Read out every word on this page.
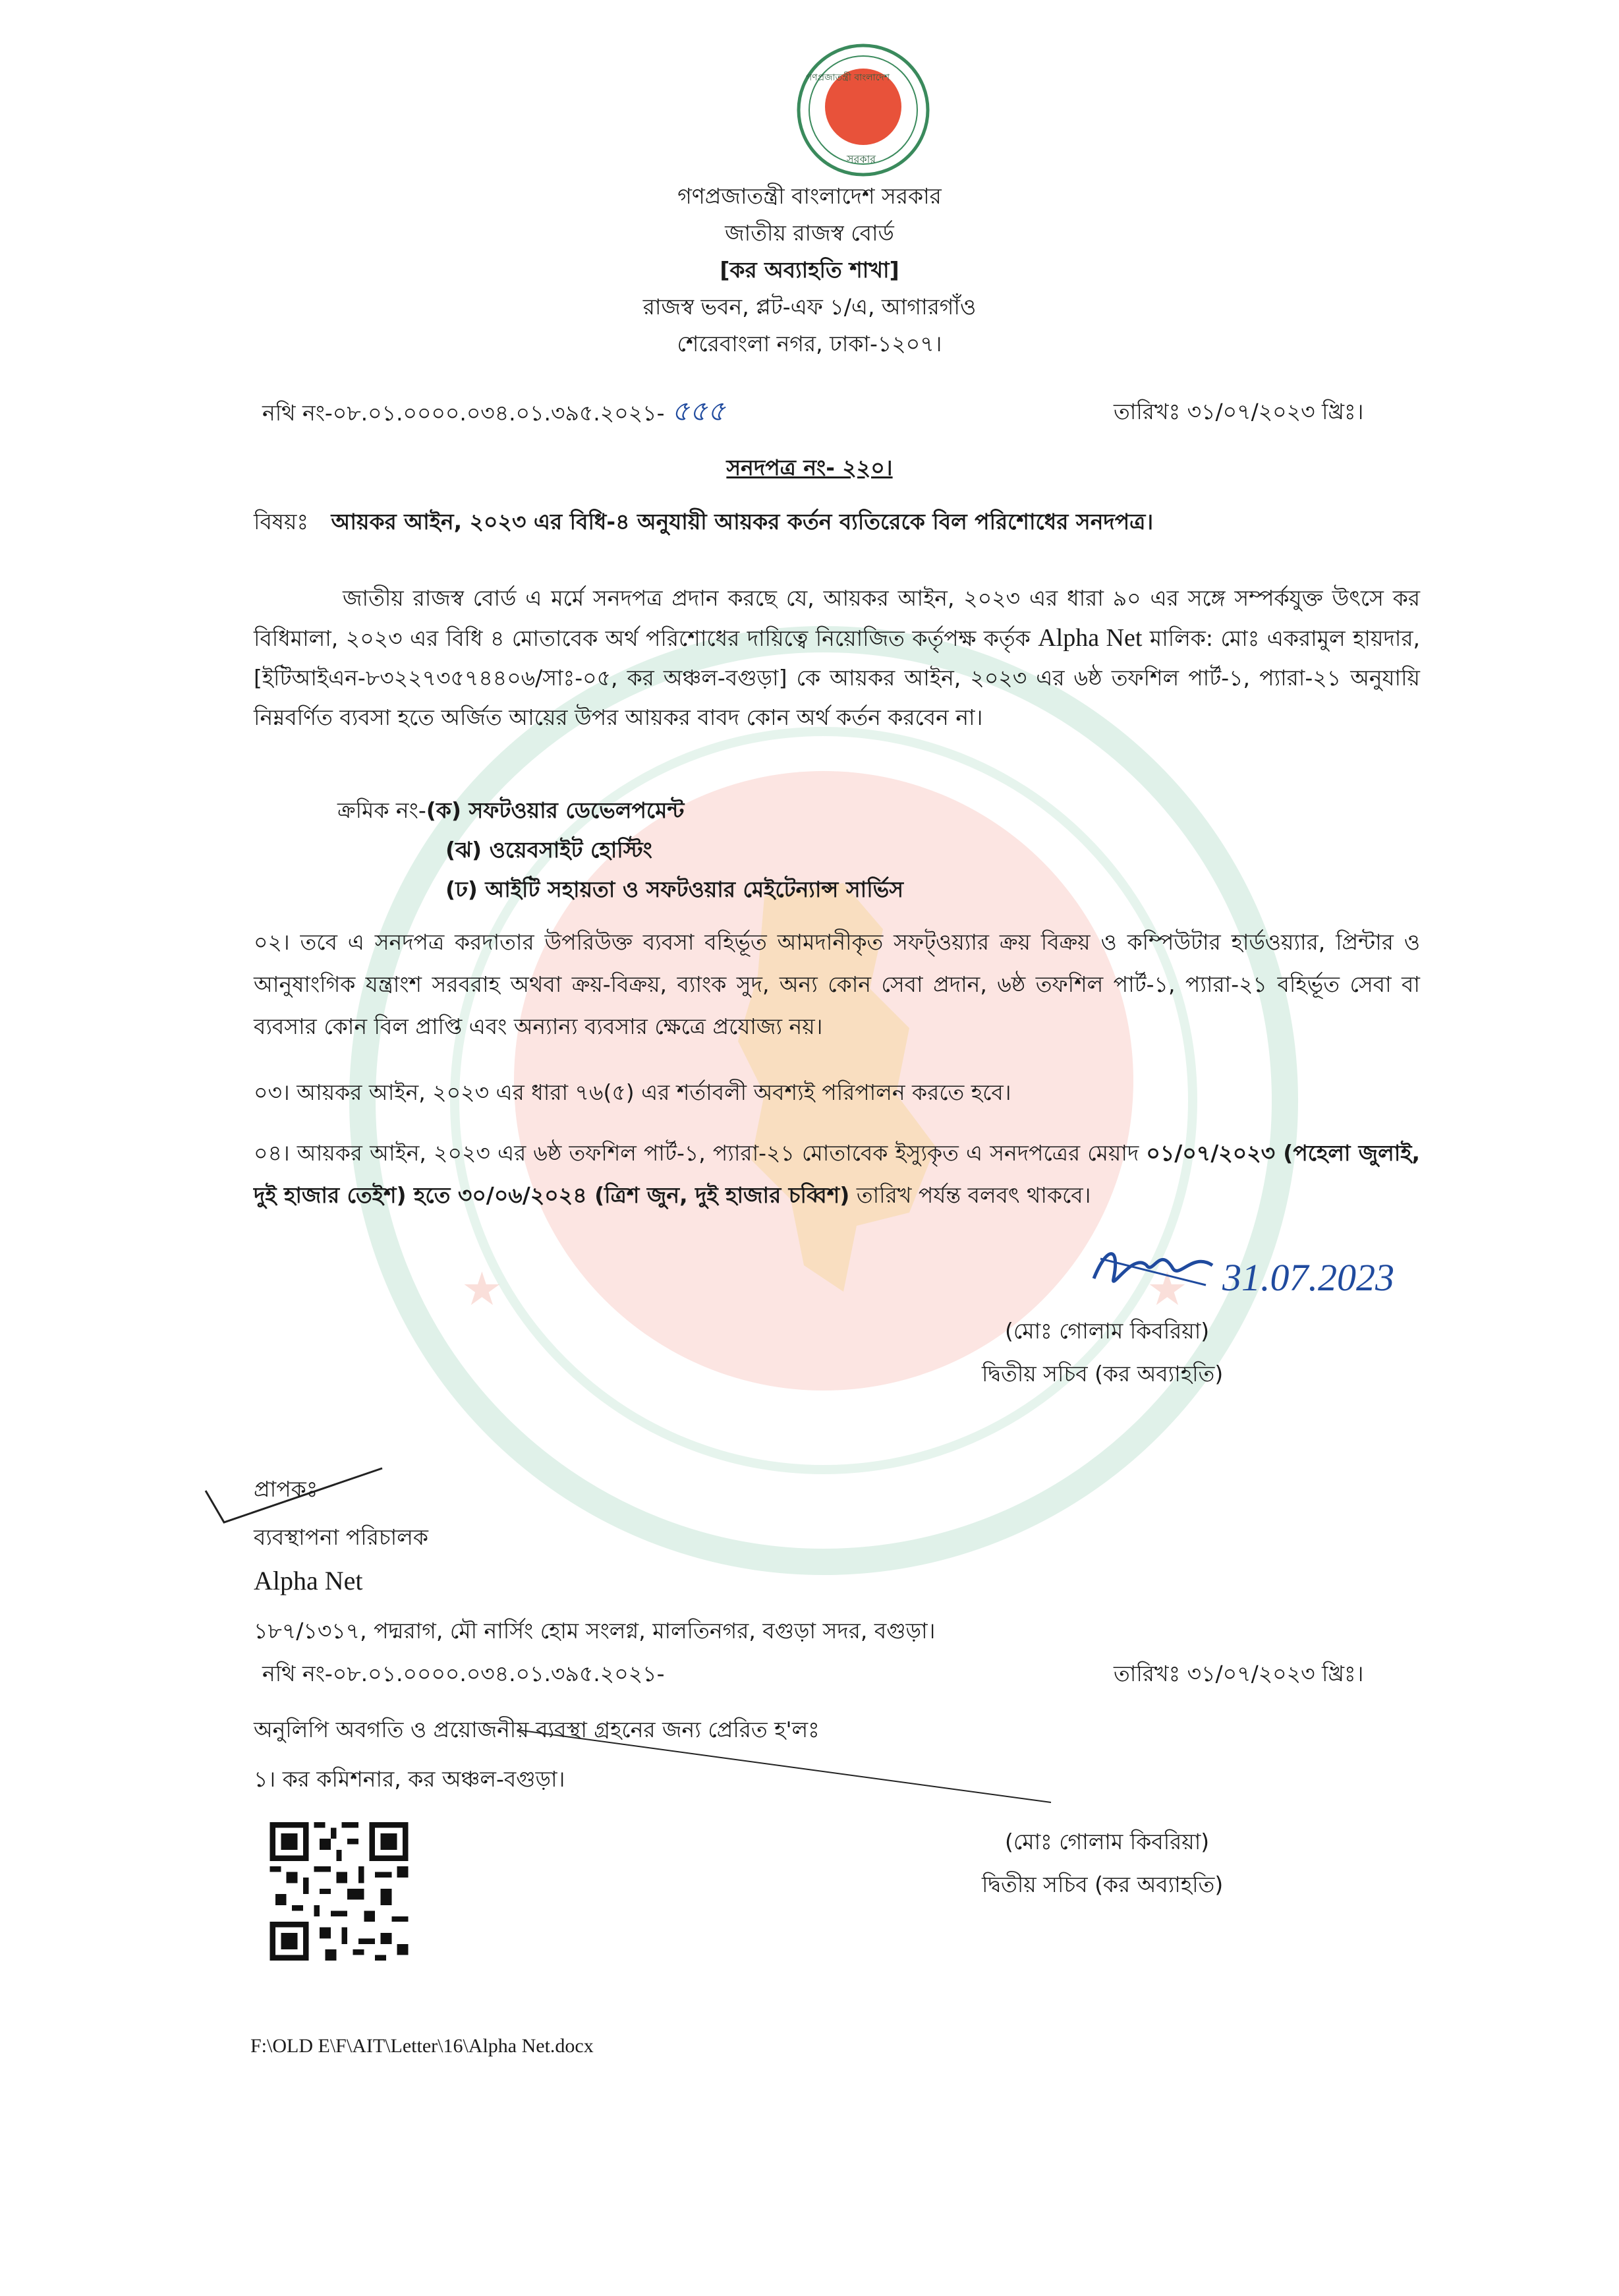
★	★
গণপ্রজাতন্ত্রী বাংলাদেশ
সরকার
গণপ্রজাতন্ত্রী বাংলাদেশ সরকার
জাতীয় রাজস্ব বোর্ড
[কর অব্যাহতি শাখা]
রাজস্ব ভবন, প্লট-এফ ১/এ, আগারগাঁও
শেরেবাংলা নগর, ঢাকা-১২০৭।
নথি নং-০৮.০১.০০০০.০৩৪.০১.৩৯৫.২০২১- ৫৫৫	তারিখঃ ৩১/০৭/২০২৩ খ্রিঃ।
সনদপত্র নং- ২২০।
বিষয়ঃ আয়কর আইন, ২০২৩ এর বিধি-৪ অনুযায়ী আয়কর কর্তন ব্যতিরেকে বিল পরিশোধের সনদপত্র।
জাতীয় রাজস্ব বোর্ড এ মর্মে সনদপত্র প্রদান করছে যে, আয়কর আইন, ২০২৩ এর ধারা ৯০ এর সঙ্গে সম্পর্কযুক্ত উৎসে কর বিধিমালা, ২০২৩ এর বিধি ৪ মোতাবেক অর্থ পরিশোধের দায়িত্বে নিয়োজিত কর্তৃপক্ষ কর্তৃক Alpha Net মালিক: মোঃ একরামুল হায়দার, [ইটিআইএন-৮৩২২৭৩৫৭৪৪০৬/সাঃ-০৫, কর অঞ্চল-বগুড়া] কে আয়কর আইন, ২০২৩ এর ৬ষ্ঠ তফশিল পার্ট-১, প্যারা-২১ অনুযায়ি নিম্নবর্ণিত ব্যবসা হতে অর্জিত আয়ের উপর আয়কর বাবদ কোন অর্থ কর্তন করবেন না।
ক্রমিক নং-(ক) সফটওয়ার ডেভেলপমেন্ট
(ঝ) ওয়েবসাইট হোস্টিং
(ঢ) আইটি সহায়তা ও সফটওয়ার মেইটেন্যান্স সার্ভিস
০২। তবে এ সনদপত্র করদাতার উপরিউক্ত ব্যবসা বহির্ভূত আমদানীকৃত সফট্ওয়্যার ক্রয় বিক্রয় ও কম্পিউটার হার্ডওয়্যার, প্রিন্টার ও আনুষাংগিক যন্ত্রাংশ সরবরাহ অথবা ক্রয়-বিক্রয়, ব্যাংক সুদ, অন্য কোন সেবা প্রদান, ৬ষ্ঠ তফশিল পার্ট-১, প্যারা-২১ বহির্ভূত সেবা বা ব্যবসার কোন বিল প্রাপ্তি এবং অন্যান্য ব্যবসার ক্ষেত্রে প্রযোজ্য নয়।
০৩। আয়কর আইন, ২০২৩ এর ধারা ৭৬(৫) এর শর্তাবলী অবশ্যই পরিপালন করতে হবে।
০৪। আয়কর আইন, ২০২৩ এর ৬ষ্ঠ তফশিল পার্ট-১, প্যারা-২১ মোতাবেক ইস্যুকৃত এ সনদপত্রের মেয়াদ ০১/০৭/২০২৩ (পহেলা জুলাই, দুই হাজার তেইশ) হতে ৩০/০৬/২০২৪ (ত্রিশ জুন, দুই হাজার চব্বিশ) তারিখ পর্যন্ত বলবৎ থাকবে।
31.07.2023
(মোঃ গোলাম কিবরিয়া)
দ্বিতীয় সচিব (কর অব্যাহতি)
প্রাপকঃ
ব্যবস্থাপনা পরিচালক
Alpha Net
১৮৭/১৩১৭, পদ্মরাগ, মৌ নার্সিং হোম সংলগ্ন, মালতিনগর, বগুড়া সদর, বগুড়া।
নথি নং-০৮.০১.০০০০.০৩৪.০১.৩৯৫.২০২১-	তারিখঃ ৩১/০৭/২০২৩ খ্রিঃ।
অনুলিপি অবগতি ও প্রয়োজনীয় ব্যবস্থা গ্রহনের জন্য প্রেরিত হ'লঃ
১। কর কমিশনার, কর অঞ্চল-বগুড়া।
(মোঃ গোলাম কিবরিয়া)
দ্বিতীয় সচিব (কর অব্যাহতি)
F:\OLD E\F\AIT\Letter\16\Alpha Net.docx
